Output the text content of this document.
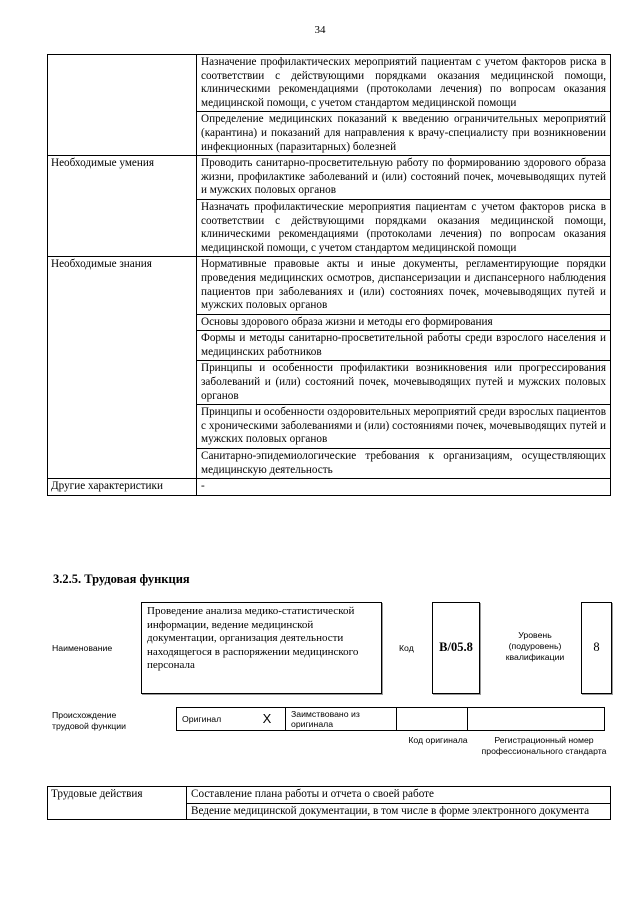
34
	Назначение профилактических мероприятий пациентам с учетом факторов риска в соответствии с действующими порядками оказания медицинской помощи, клиническими рекомендациями (протоколами лечения) по вопросам оказания медицинской помощи, с учетом стандартом медицинской помощи
	Определение медицинских показаний к введению ограничительных мероприятий (карантина) и показаний для направления к врачу-специалисту при возникновении инфекционных (паразитарных) болезней
Необходимые умения	Проводить санитарно-просветительную работу по формированию здорового образа жизни, профилактике заболеваний и (или) состояний почек, мочевыводящих путей и мужских половых органов
	Назначать профилактические мероприятия пациентам с учетом факторов риска в соответствии с действующими порядками оказания медицинской помощи, клиническими рекомендациями (протоколами лечения) по вопросам оказания медицинской помощи, с учетом стандартом медицинской помощи
Необходимые знания	Нормативные правовые акты и иные документы, регламентирующие порядки проведения медицинских осмотров, диспансеризации и диспансерного наблюдения пациентов при заболеваниях и (или) состояниях почек, мочевыводящих путей и мужских половых органов
	Основы здорового образа жизни и методы его формирования
	Формы и методы санитарно-просветительной работы среди взрослого населения и медицинских работников
	Принципы и особенности профилактики возникновения или прогрессирования заболеваний и (или) состояний почек, мочевыводящих путей и мужских половых органов
	Принципы и особенности оздоровительных мероприятий среди взрослых пациентов с хроническими заболеваниями и (или) состояниями почек, мочевыводящих путей и мужских половых органов
	Санитарно-эпидемиологические требования к организациям, осуществляющих медицинскую деятельность
Другие характеристики	-
3.2.5. Трудовая функция
Наименование
Проведение анализа медико-статистической информации, ведение медицинской документации, организация деятельности находящегося в распоряжении медицинского персонала
Код	B/05.8
Уровень (подуровень) квалификации
8
Происхождение трудовой функции
Оригинал	X	Заимствовано из оригинала		
Код оригинала	Регистрационный номер профессионального стандарта
Трудовые действия	Составление плана работы и отчета о своей работе
Ведение медицинской документации, в том числе в форме электронного документа
